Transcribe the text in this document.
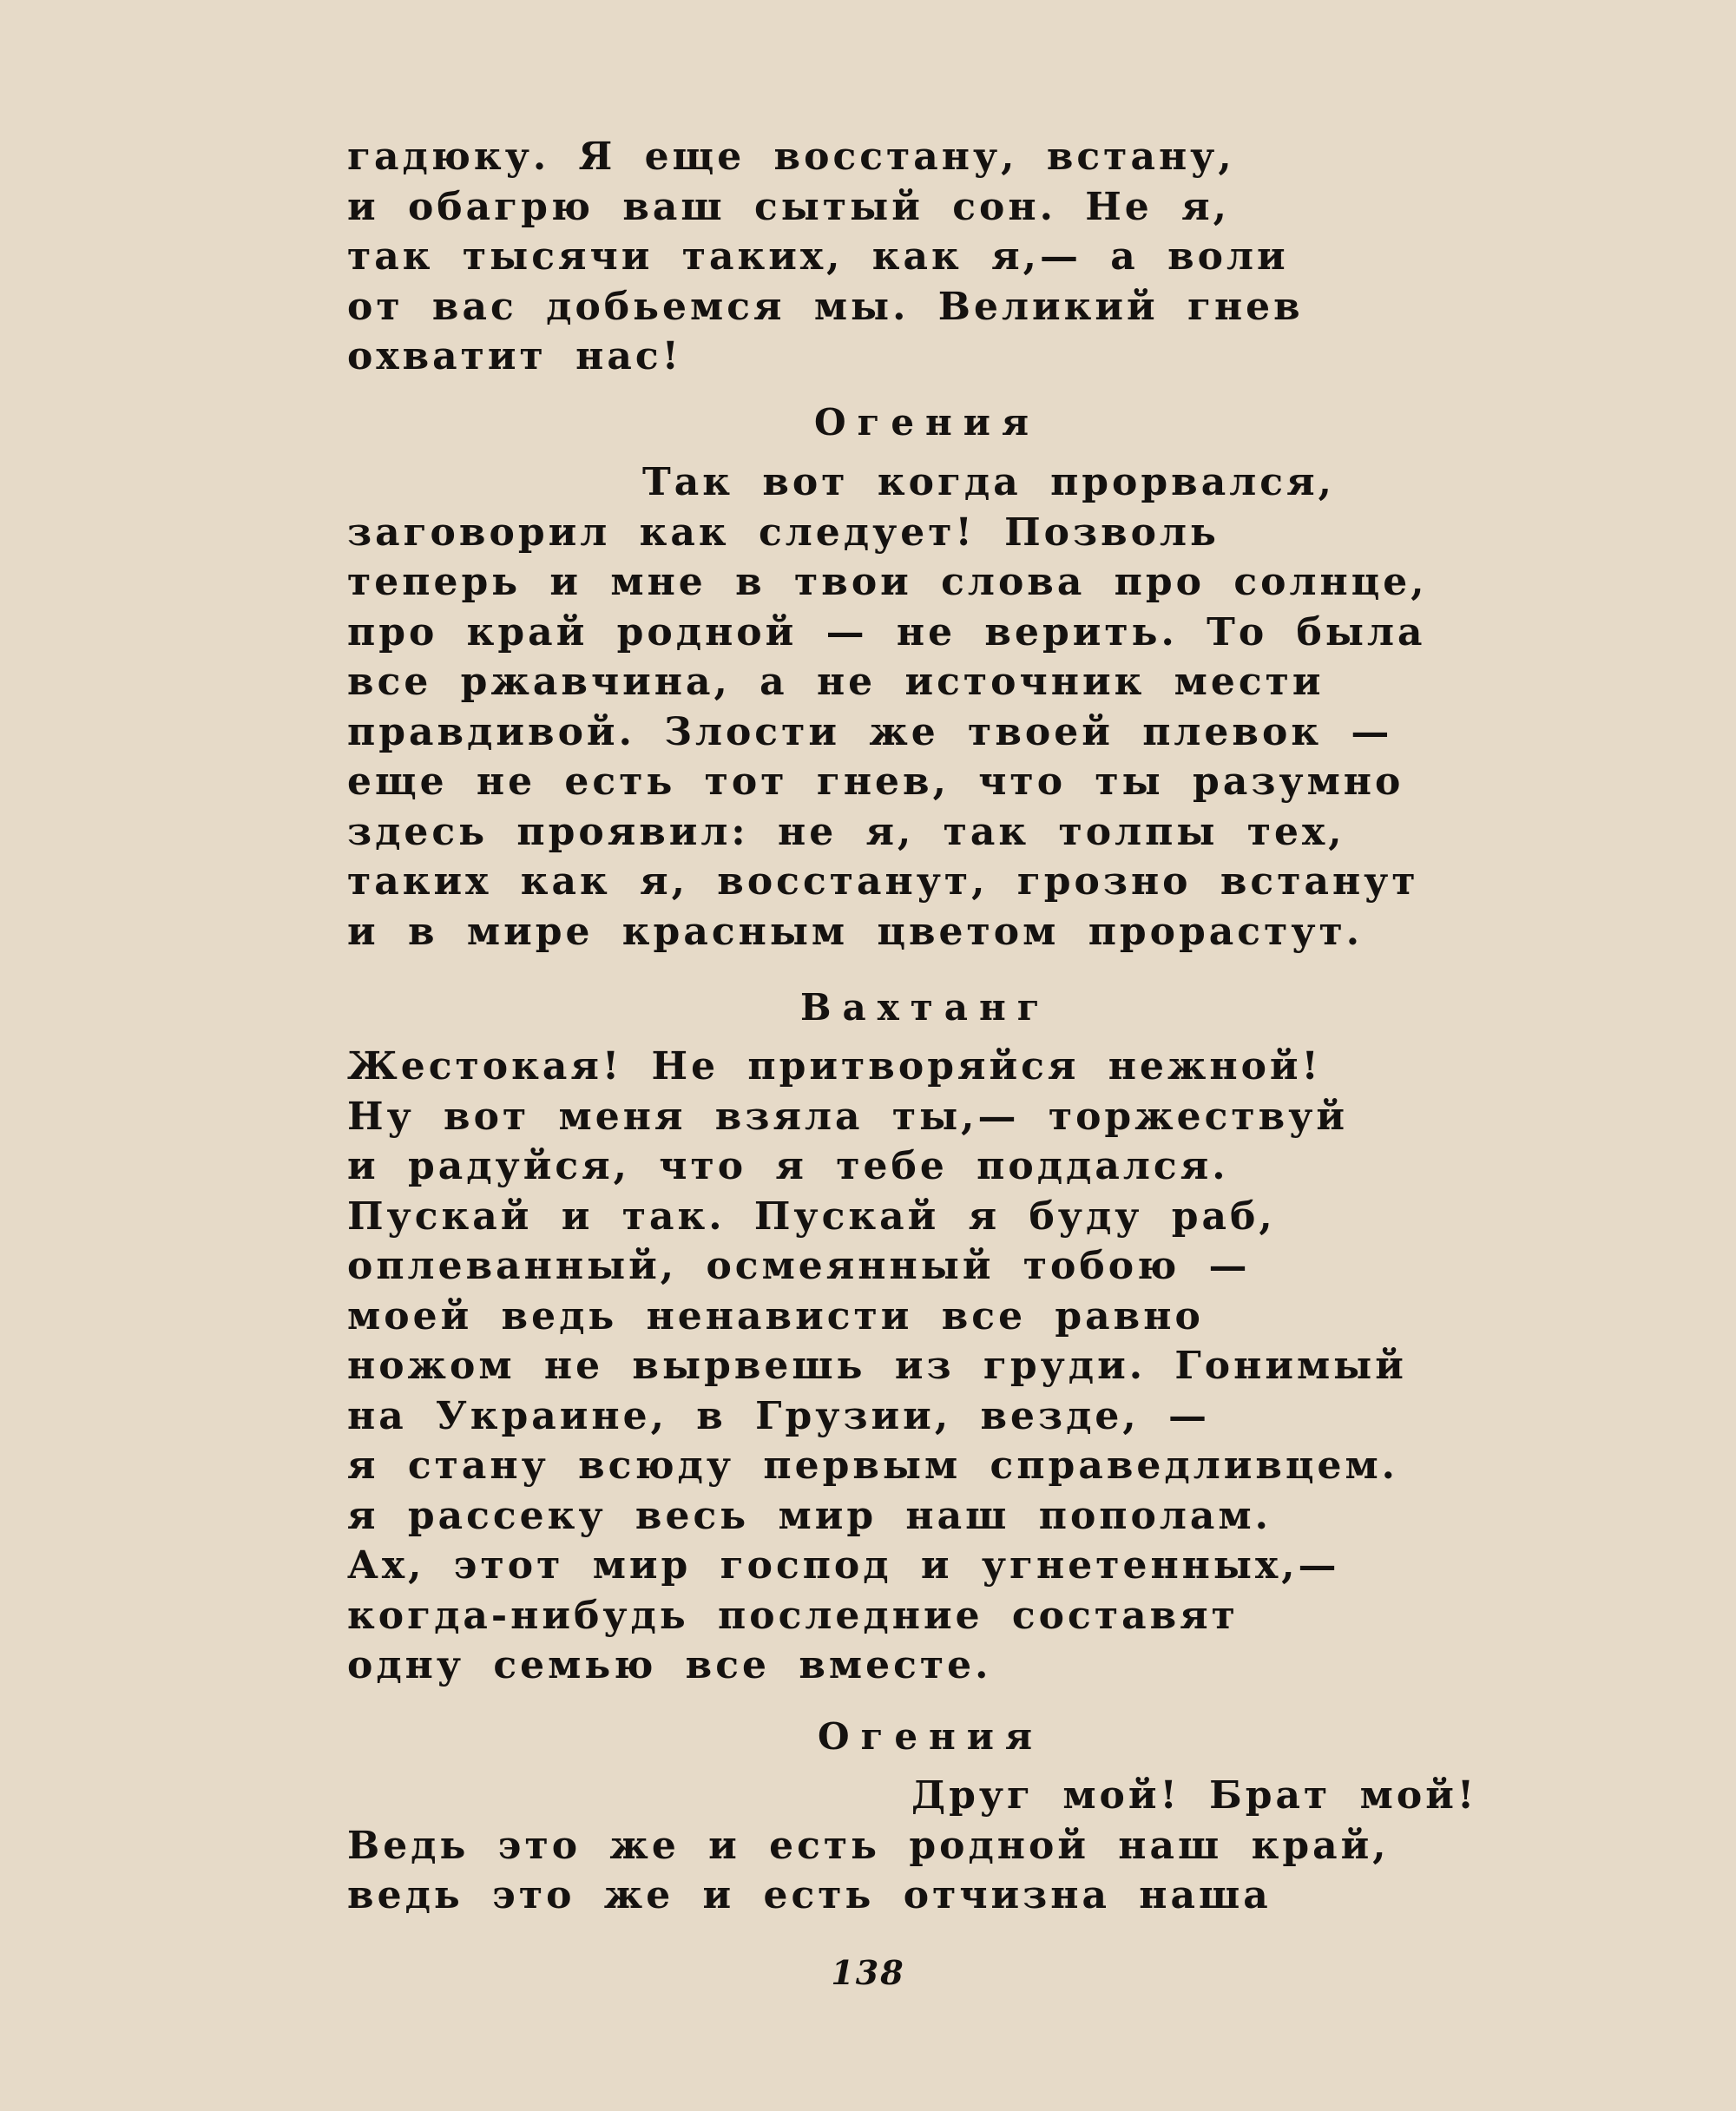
гадюку. Я еще восстану, встану,

и обагрю ваш сытый сон. Не я,

так тысячи таких, как я,— а воли

от вас добьемся мы. Великий гнев

охватит нас!

Огения

Так вот когда прорвался,

заговорил как следует! Позволь

теперь и мне в твои слова про солнце,

про край родной — не верить. То была

все ржавчина, а не источник мести

правдивой. Злости же твоей плевок —

еще не есть тот гнев, что ты разумно

здесь проявил: не я, так толпы тех,

таких как я, восстанут, грозно встанут

и в мире красным цветом прорастут.

Вахтанг

Жестокая! Не притворяйся нежной!

Ну вот меня взяла ты,— торжествуй

и радуйся, что я тебе поддался.

Пускай и так. Пускай я буду раб,

оплеванный, осмеянный тобою —

моей ведь ненависти все равно

ножом не вырвешь из груди. Гонимый

на Украине, в Грузии, везде, —

я стану всюду первым справедливцем.

я рассеку весь мир наш пополам.

Ах, этот мир господ и угнетенных,—

когда-нибудь последние составят

одну семью все вместе.

Огения

Друг мой! Брат мой!

Ведь это же и есть родной наш край,

ведь это же и есть отчизна наша

138
